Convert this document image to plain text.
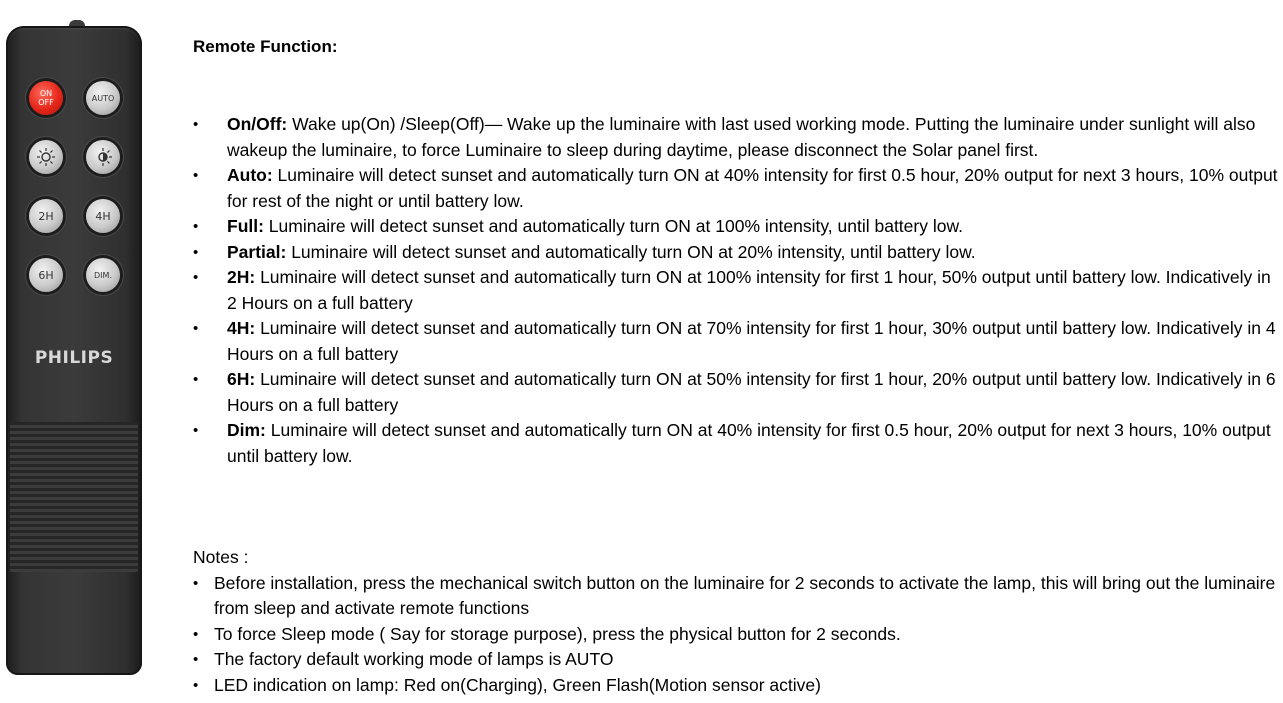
ON
OFF	AUTO
2H	4H
6H	DIM.
PHILIPS
Remote Function:
• On/Off: Wake up(On) /Sleep(Off)— Wake up the luminaire with last used working mode. Putting the luminaire under sunlight will also wakeup the luminaire, to force Luminaire to sleep during daytime, please disconnect the Solar panel first.
• Auto: Luminaire will detect sunset and automatically turn ON at 40% intensity for first 0.5 hour, 20% output for next 3 hours, 10% output for rest of the night or until battery low.
• Full: Luminaire will detect sunset and automatically turn ON at 100% intensity, until battery low.
• Partial: Luminaire will detect sunset and automatically turn ON at 20% intensity, until battery low.
• 2H: Luminaire will detect sunset and automatically turn ON at 100% intensity for first 1 hour, 50% output until battery low. Indicatively in 2 Hours on a full battery
• 4H: Luminaire will detect sunset and automatically turn ON at 70% intensity for first 1 hour, 30% output until battery low. Indicatively in 4 Hours on a full battery
• 6H: Luminaire will detect sunset and automatically turn ON at 50% intensity for first 1 hour, 20% output until battery low. Indicatively in 6 Hours on a full battery
• Dim: Luminaire will detect sunset and automatically turn ON at 40% intensity for first 0.5 hour, 20% output for next 3 hours, 10% output until battery low.

Notes :

• Before installation, press the mechanical switch button on the luminaire for 2 seconds to activate the lamp, this will bring out the luminaire from sleep and activate remote functions
• To force Sleep mode ( Say for storage purpose), press the physical button for 2 seconds.
• The factory default working mode of lamps is AUTO
• LED indication on lamp: Red on(Charging), Green Flash(Motion sensor active)
